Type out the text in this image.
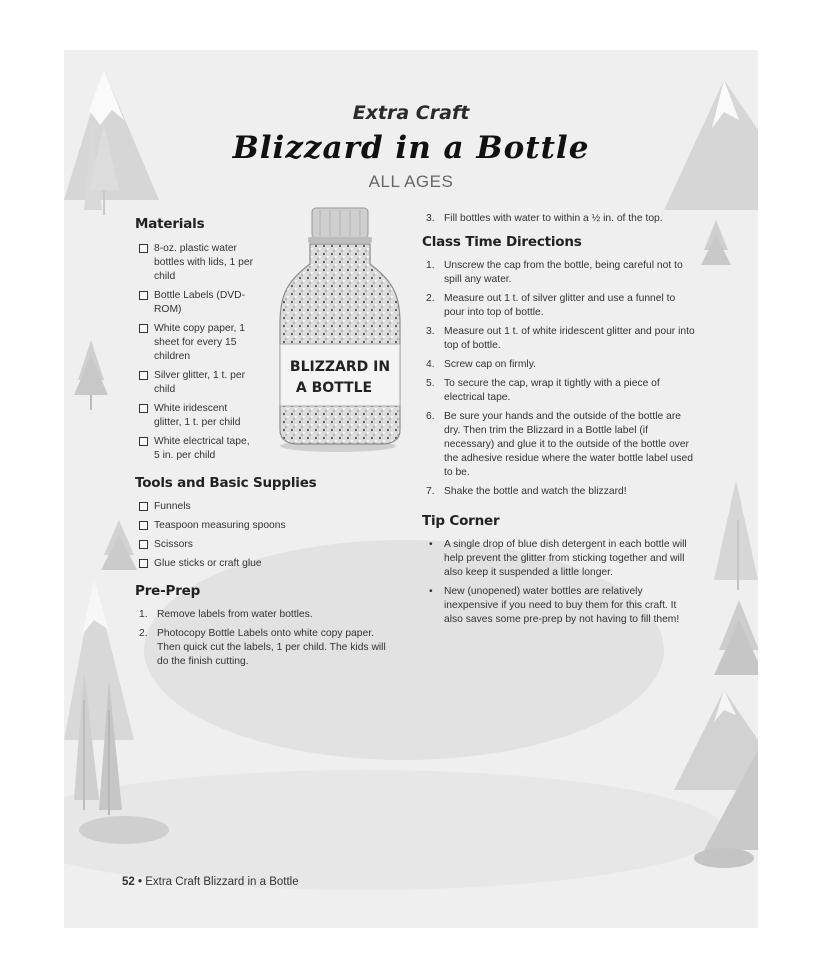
Extra Craft

Blizzard in a Bottle

ALL AGES

BLIZZARD IN
A BOTTLE
Materials
8-oz. plastic water bottles with lids, 1 per child
Bottle Labels (DVD-ROM)
White copy paper, 1 sheet for every 15 children
Silver glitter, 1 t. per child
White iridescent glitter, 1 t. per child
White electrical tape, 5 in. per child
Tools and Basic Supplies
Funnels
Teaspoon measuring spoons
Scissors
Glue sticks or craft glue
Pre-Prep
1. Remove labels from water bottles.
2. Photocopy Bottle Labels onto white copy paper. Then quick cut the labels, 1 per child. The kids will do the finish cutting.
3. Fill bottles with water to within a ½ in. of the top.
Class Time Directions
1. Unscrew the cap from the bottle, being careful not to spill any water.
2. Measure out 1 t. of silver glitter and use a funnel to pour into top of bottle.
3. Measure out 1 t. of white iridescent glitter and pour into top of bottle.
4. Screw cap on firmly.
5. To secure the cap, wrap it tightly with a piece of electrical tape.
6. Be sure your hands and the outside of the bottle are dry. Then trim the Blizzard in a Bottle label (if necessary) and glue it to the outside of the bottle over the adhesive residue where the water bottle label used to be.
7. Shake the bottle and watch the blizzard!
Tip Corner
• A single drop of blue dish detergent in each bottle will help prevent the glitter from sticking together and will also keep it suspended a little longer.
• New (unopened) water bottles are relatively inexpensive if you need to buy them for this craft. It also saves some pre-prep by not having to fill them!
52 • Extra Craft Blizzard in a Bottle
